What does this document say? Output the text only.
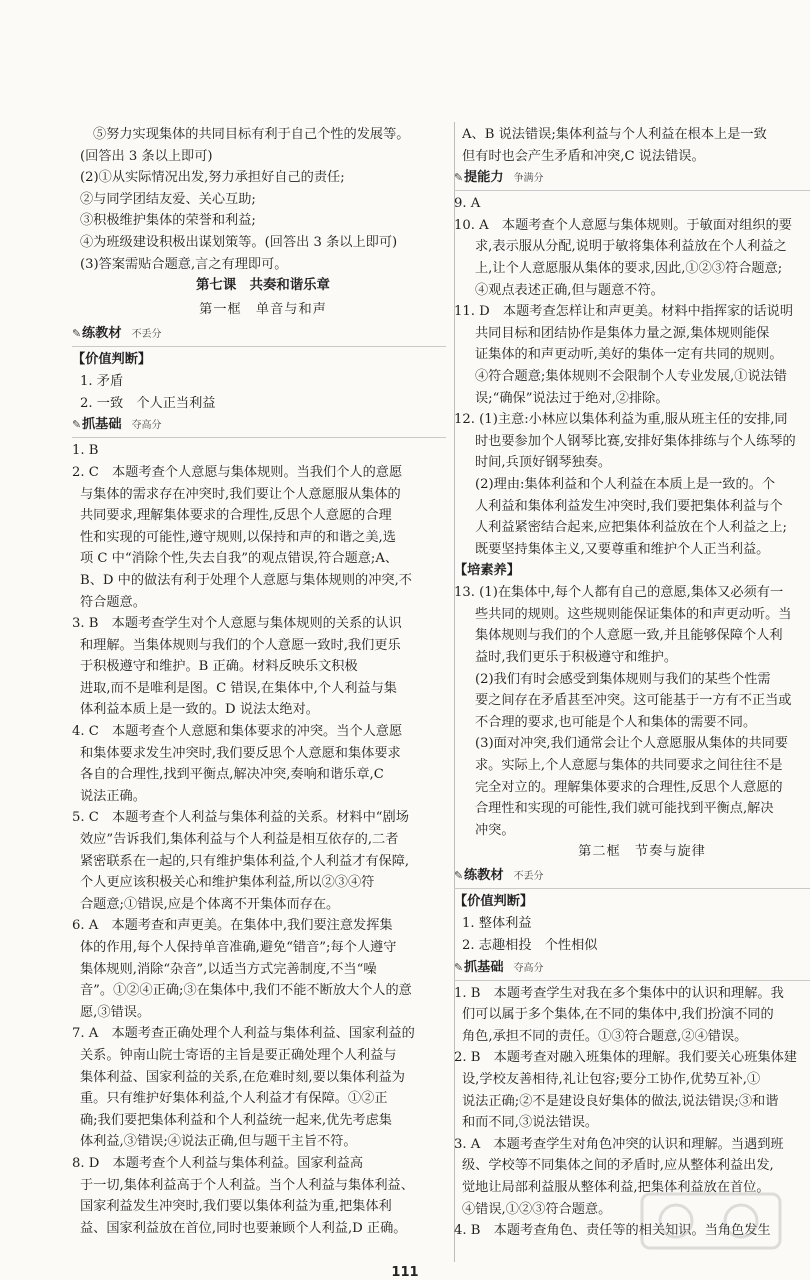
⑤努力实现集体的共同目标有利于自己个性的发展等。

(回答出 3 条以上即可)

(2)①从实际情况出发,努力承担好自己的责任;

②与同学团结友爱、关心互助;

③积极维护集体的荣誉和利益;

④为班级建设积极出谋划策等。(回答出 3 条以上即可)

(3)答案需贴合题意,言之有理即可。

第七课　共奏和谐乐章

第一框　单音与和声

✎ 练教材 不丢分

【价值判断】

1. 矛盾

2. 一致　个人正当利益

✎ 抓基础 夺高分

1. B

2. C　本题考查个人意愿与集体规则。当我们个人的意愿

与集体的需求存在冲突时,我们要让个人意愿服从集体的

共同要求,理解集体要求的合理性,反思个人意愿的合理

性和实现的可能性,遵守规则,以保持和声的和谐之美,选

项 C 中“消除个性,失去自我”的观点错误,符合题意;A、

B、D 中的做法有利于处理个人意愿与集体规则的冲突,不

符合题意。

3. B　本题考查学生对个人意愿与集体规则的关系的认识

和理解。当集体规则与我们的个人意愿一致时,我们更乐

于积极遵守和维护。B 正确。材料反映乐文积极

进取,而不是唯利是图。C 错误,在集体中,个人利益与集

体利益本质上是一致的。D 说法太绝对。

4. C　本题考查个人意愿和集体要求的冲突。当个人意愿

和集体要求发生冲突时,我们要反思个人意愿和集体要求

各自的合理性,找到平衡点,解决冲突,奏响和谐乐章,C

说法正确。

5. C　本题考查个人利益与集体利益的关系。材料中“剧场

效应”告诉我们,集体利益与个人利益是相互依存的,二者

紧密联系在一起的,只有维护集体利益,个人利益才有保障,

个人更应该积极关心和维护集体利益,所以②③④符

合题意;①错误,应是个体离不开集体而存在。

6. A　本题考查和声更美。在集体中,我们要注意发挥集

体的作用,每个人保持单音准确,避免“错音”;每个人遵守

集体规则,消除“杂音”,以适当方式完善制度,不当“噪

音”。①②④正确;③在集体中,我们不能不断放大个人的意

愿,③错误。

7. A　本题考查正确处理个人利益与集体利益、国家利益的

关系。钟南山院士寄语的主旨是要正确处理个人利益与

集体利益、国家利益的关系,在危难时刻,要以集体利益为

重。只有维护好集体利益,个人利益才有保障。①②正

确;我们要把集体利益和个人利益统一起来,优先考虑集

体利益,③错误;④说法正确,但与题干主旨不符。

8. D　本题考查个人利益与集体利益。国家利益高

于一切,集体利益高于个人利益。当个人利益与集体利益、

国家利益发生冲突时,我们要以集体利益为重,把集体利

益、国家利益放在首位,同时也要兼顾个人利益,D 正确。

A、B 说法错误;集体利益与个人利益在根本上是一致

但有时也会产生矛盾和冲突,C 说法错误。

✎ 提能力 争满分

9. A

10. A　本题考查个人意愿与集体规则。于敏面对组织的要

求,表示服从分配,说明于敏将集体利益放在个人利益之

上,让个人意愿服从集体的要求,因此,①②③符合题意;

④观点表述正确,但与题意不符。

11. D　本题考查怎样让和声更美。材料中指挥家的话说明

共同目标和团结协作是集体力量之源,集体规则能保

证集体的和声更动听,美好的集体一定有共同的规则。

④符合题意;集体规则不会限制个人专业发展,①说法错

误;“确保”说法过于绝对,②排除。

12. (1)主意:小林应以集体利益为重,服从班主任的安排,同

时也要参加个人钢琴比赛,安排好集体排练与个人练琴的

时间,兵顶好钢琴独奏。

(2)理由:集体利益和个人利益在本质上是一致的。个

人利益和集体利益发生冲突时,我们要把集体利益与个

人利益紧密结合起来,应把集体利益放在个人利益之上;

既要坚持集体主义,又要尊重和维护个人正当利益。

【培素养】

13. (1)在集体中,每个人都有自己的意愿,集体又必须有一

些共同的规则。这些规则能保证集体的和声更动听。当

集体规则与我们的个人意愿一致,并且能够保障个人利

益时,我们更乐于积极遵守和维护。

(2)我们有时会感受到集体规则与我们的某些个性需

要之间存在矛盾甚至冲突。这可能基于一方有不正当或

不合理的要求,也可能是个人和集体的需要不同。

(3)面对冲突,我们通常会让个人意愿服从集体的共同要

求。实际上,个人意愿与集体的共同要求之间往往不是

完全对立的。理解集体要求的合理性,反思个人意愿的

合理性和实现的可能性,我们就可能找到平衡点,解决

冲突。

第二框　节奏与旋律

✎ 练教材 不丢分

【价值判断】

1. 整体利益

2. 志趣相投　个性相似

✎ 抓基础 夺高分

1. B　本题考查学生对我在多个集体中的认识和理解。我

们可以属于多个集体,在不同的集体中,我们扮演不同的

角色,承担不同的责任。①③符合题意,②④错误。

2. B　本题考查对融入班集体的理解。我们要关心班集体建

设,学校友善相待,礼让包容;要分工协作,优势互补,①

说法正确;②不是建设良好集体的做法,说法错误;③和谐

和而不同,③说法错误。

3. A　本题考查学生对角色冲突的认识和理解。当遇到班

级、学校等不同集体之间的矛盾时,应从整体利益出发,

觉地让局部利益服从整体利益,把集体利益放在首位。

④错误,①②③符合题意。

4. B　本题考查角色、责任等的相关知识。当角色发生

111
